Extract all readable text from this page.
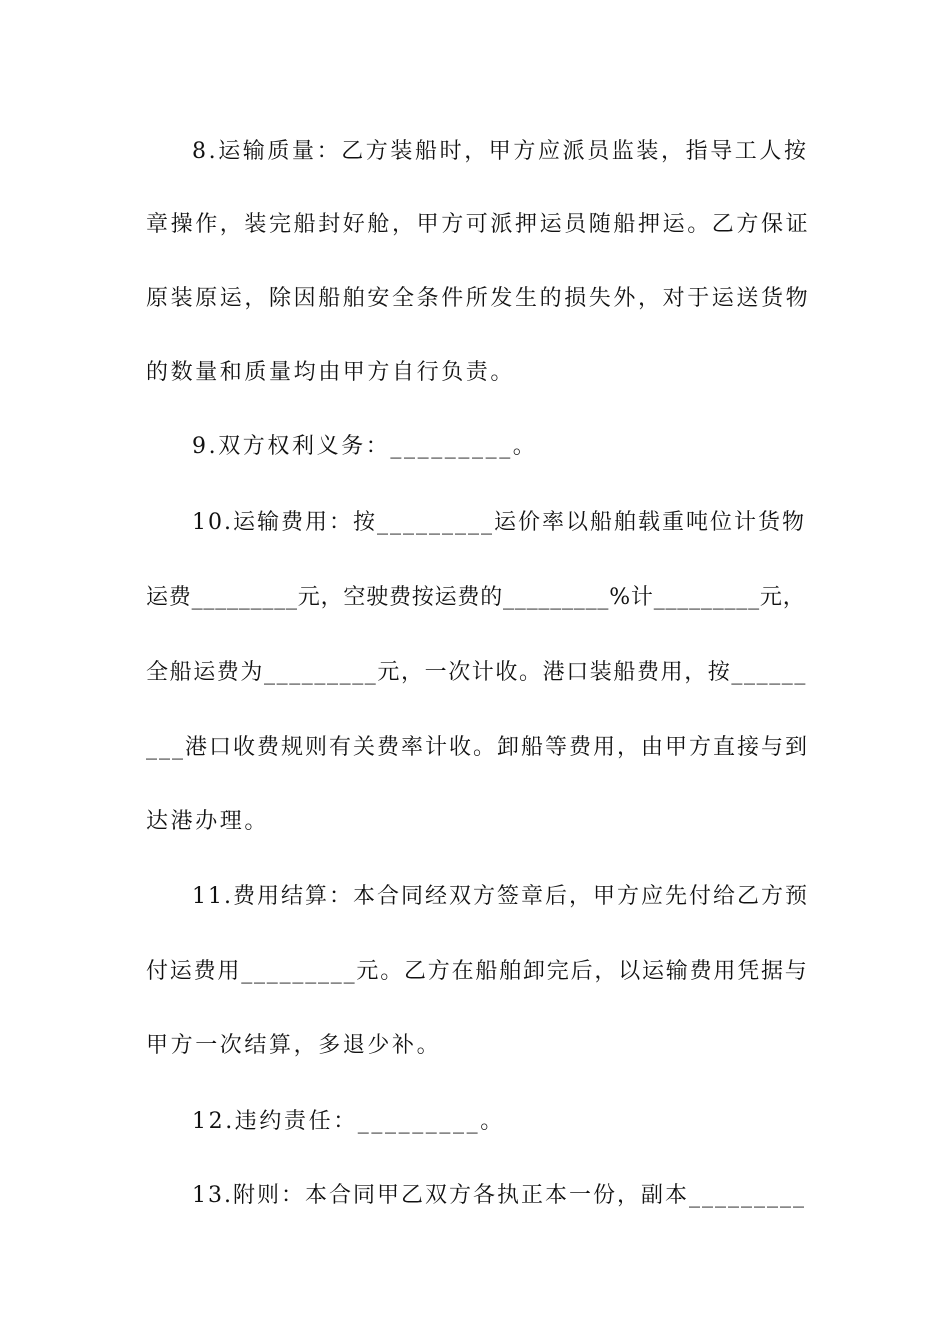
8.运输质量：乙方装船时，甲方应派员监装，指导工人按
章操作，装完船封好舱，甲方可派押运员随船押运。乙方保证
原装原运，除因船舶安全条件所发生的损失外，对于运送货物
的数量和质量均由甲方自行负责。
9.双方权利义务：_________。
10.运输费用：按_________运价率以船舶载重吨位计货物
运费_________元，空驶费按运费的_________%计_________元，
全船运费为_________元，一次计收。港口装船费用，按______
___港口收费规则有关费率计收。卸船等费用，由甲方直接与到
达港办理。
11.费用结算：本合同经双方签章后，甲方应先付给乙方预
付运费用_________元。乙方在船舶卸完后，以运输费用凭据与
甲方一次结算，多退少补。
12.违约责任：_________。
13.附则：本合同甲乙双方各执正本一份，副本_________
